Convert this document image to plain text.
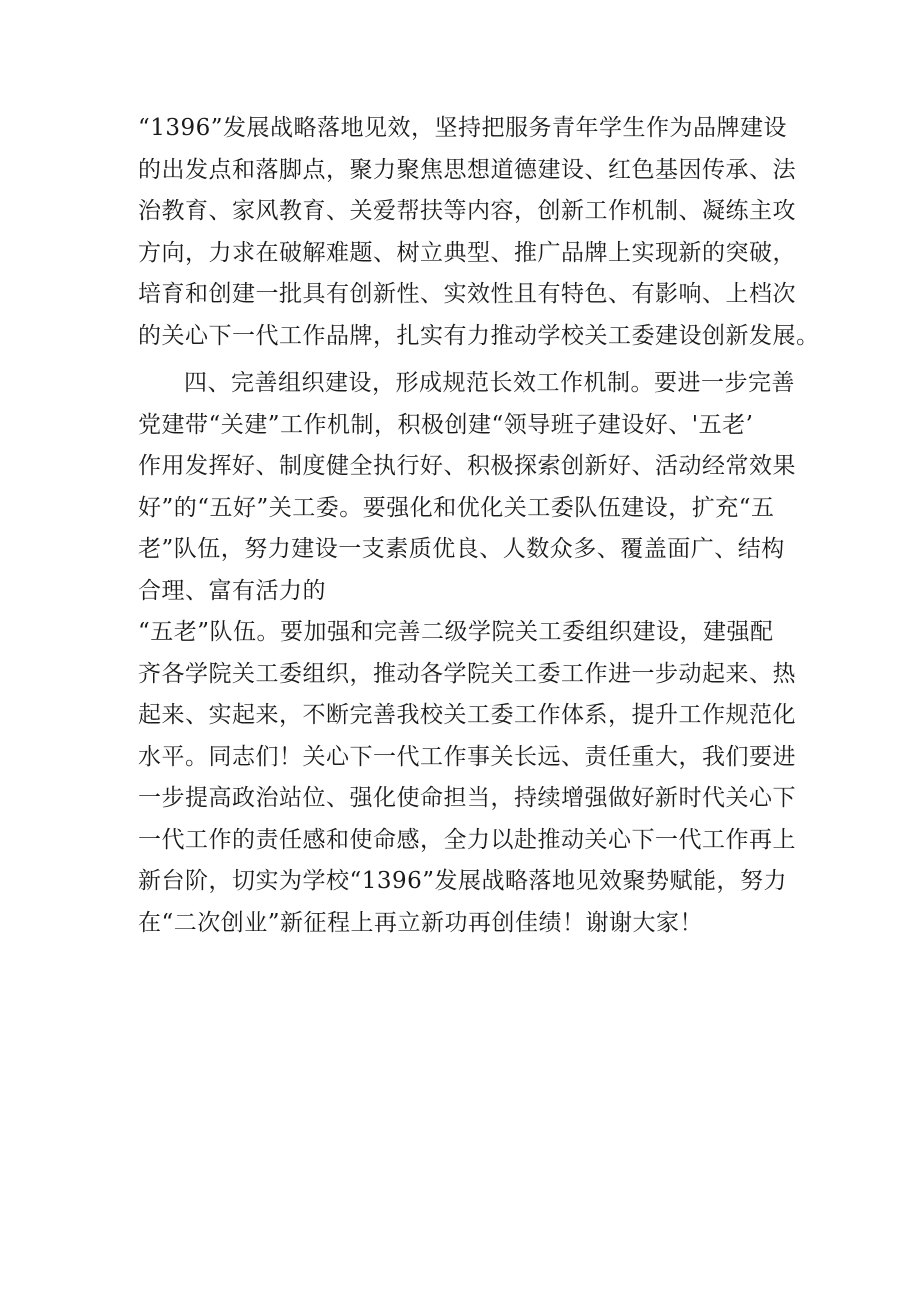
“1396”发展战略落地见效，坚持把服务青年学生作为品牌建设
的出发点和落脚点，聚力聚焦思想道德建设、红色基因传承、法
治教育、家风教育、关爱帮扶等内容，创新工作机制、凝练主攻
方向，力求在破解难题、树立典型、推广品牌上实现新的突破，
培育和创建一批具有创新性、实效性且有特色、有影响、上档次
的关心下一代工作品牌，扎实有力推动学校关工委建设创新发展。
四、完善组织建设，形成规范长效工作机制。要进一步完善
党建带“关建”工作机制，积极创建“领导班子建设好、'五老’
作用发挥好、制度健全执行好、积极探索创新好、活动经常效果
好”的“五好”关工委。要强化和优化关工委队伍建设，扩充“五
老”队伍，努力建设一支素质优良、人数众多、覆盖面广、结构
合理、富有活力的
“五老”队伍。要加强和完善二级学院关工委组织建设，建强配
齐各学院关工委组织，推动各学院关工委工作进一步动起来、热
起来、实起来，不断完善我校关工委工作体系，提升工作规范化
水平。同志们！关心下一代工作事关长远、责任重大，我们要进
一步提高政治站位、强化使命担当，持续增强做好新时代关心下
一代工作的责任感和使命感，全力以赴推动关心下一代工作再上
新台阶，切实为学校“1396”发展战略落地见效聚势赋能，努力
在“二次创业”新征程上再立新功再创佳绩！谢谢大家！
